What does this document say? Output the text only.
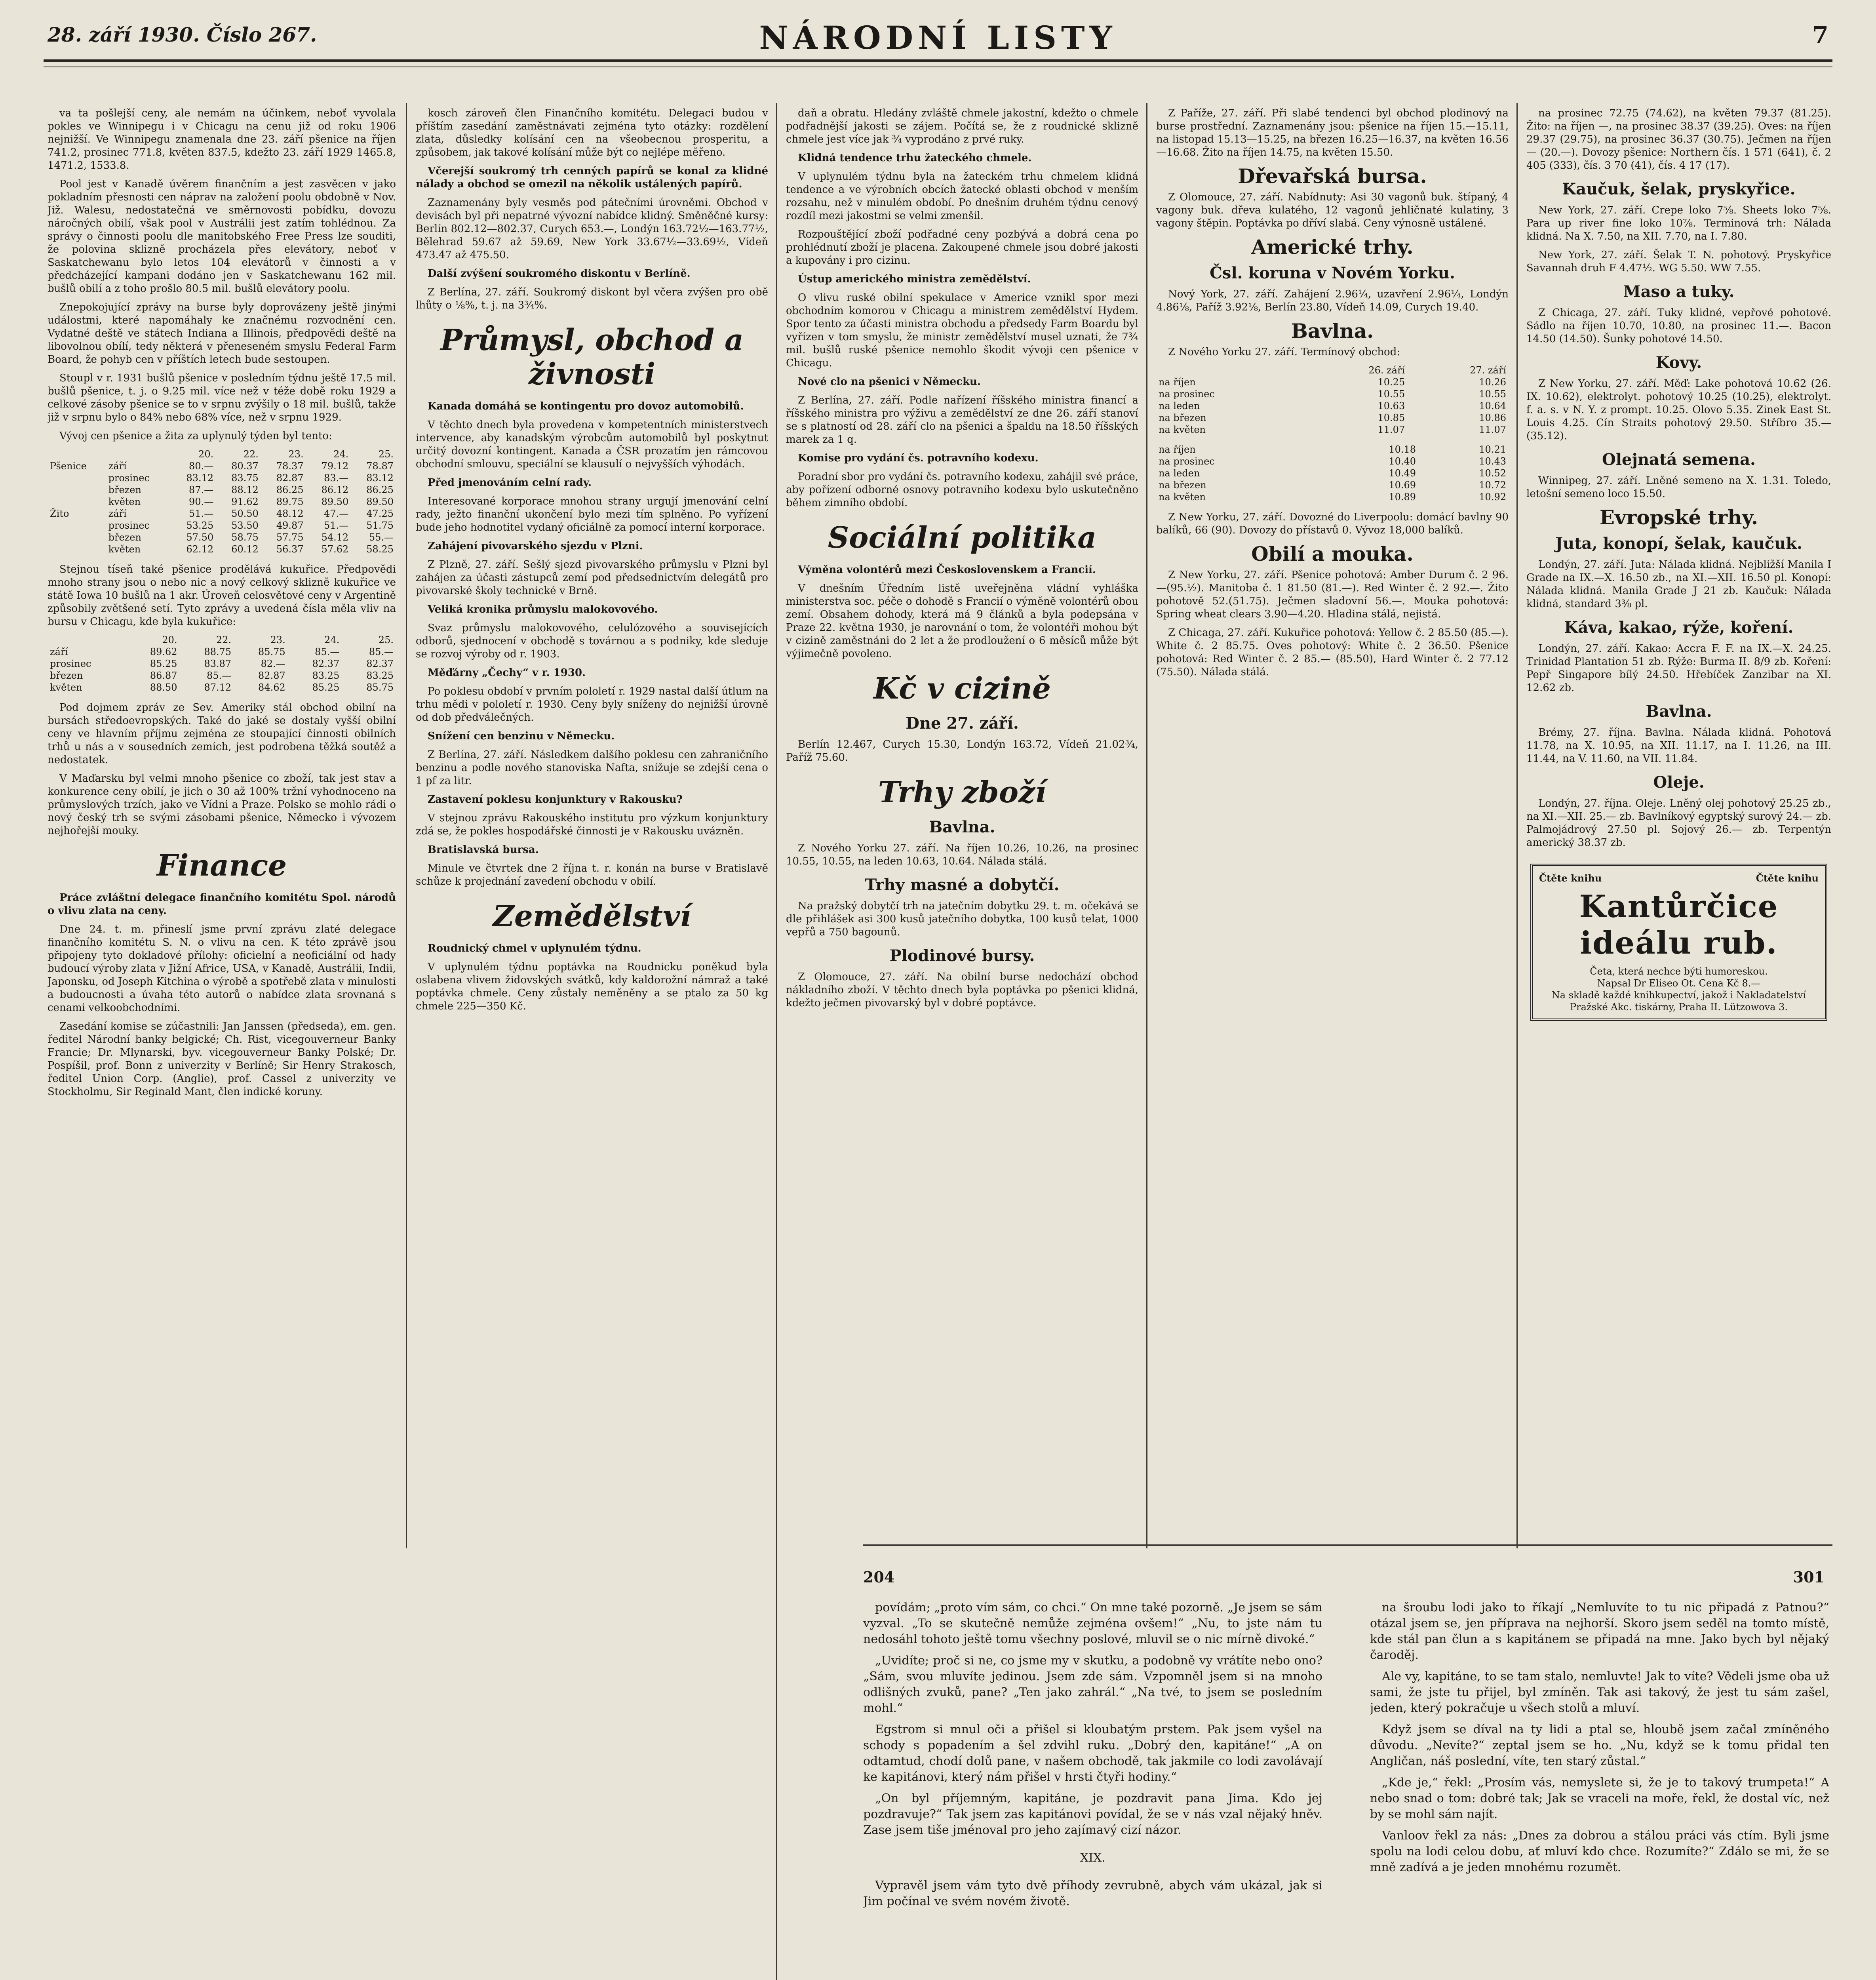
28. září 1930. Číslo 267.	NÁRODNÍ LISTY	7

va ta pošlejší ceny, ale nemám na účinkem, neboť vyvolala pokles ve Winnipegu i v Chicagu na cenu již od roku 1906 nejnižší. Ve Winnipegu znamenala dne 23. září pšenice na říjen 741.2, prosinec 771.8, květen 837.5, kdežto 23. září 1929 1465.8, 1471.2, 1533.8.

Pool jest v Kanadě úvěrem finančním a jest zasvěcen v jako pokladním přesnosti cen náprav na založení poolu obdobně v Nov. Již. Walesu, nedostatečná ve směrnovosti pobídku, dovozu náročných obilí, však pool v Austrálii jest zatím tohlédnou. Za správy o činnosti poolu dle manitobského Free Press lze souditi, že polovina sklizně procházela přes elevátory, neboť v Saskatchewanu bylo letos 104 elevátorů v činnosti a v předcházející kampani dodáno jen v Saskatchewanu 162 mil. bušlů obilí a z toho prošlo 80.5 mil. bušlů elevátory poolu.

Znepokojující zprávy na burse byly doprovázeny ještě jinými událostmi, které napomáhaly ke značnému rozvodnění cen. Vydatné deště ve státech Indiana a Illinois, předpovědi deště na libovolnou obílí, tedy některá v přeneseném smyslu Federal Farm Board, že pohyb cen v příštích letech bude sestoupen.

Stoupl v r. 1931 bušlů pšenice v posledním týdnu ještě 17.5 mil. bušlů pšenice, t. j. o 9.25 mil. více než v téže době roku 1929 a celkové zásoby pšenice se to v srpnu zvýšily o 18 mil. bušlů, takže již v srpnu bylo o 84% nebo 68% více, než v srpnu 1929.

Vývoj cen pšenice a žita za uplynulý týden byl tento:

		20.	22.	23.	24.	25.
Pšenice	září	80.—	80.37	78.37	79.12	78.87
	prosinec	83.12	83.75	82.87	83.—	83.12
	březen	87.—	88.12	86.25	86.12	86.25
	květen	90.—	91.62	89.75	89.50	89.50
Žito	září	51.—	50.50	48.12	47.—	47.25
	prosinec	53.25	53.50	49.87	51.—	51.75
	březen	57.50	58.75	57.75	54.12	55.—
	květen	62.12	60.12	56.37	57.62	58.25

Stejnou tíseň také pšenice prodělává kukuřice. Předpovědi mnoho strany jsou o nebo nic a nový celkový sklizně kukuřice ve státě Iowa 10 bušlů na 1 akr. Úroveň celosvětové ceny v Argentině způsobily zvětšené setí. Tyto zprávy a uvedená čísla měla vliv na bursu v Chicagu, kde byla kukuřice:

	20.	22.	23.	24.	25.
září	89.62	88.75	85.75	85.—	85.—
prosinec	85.25	83.87	82.—	82.37	82.37
březen	86.87	85.—	82.87	83.25	83.25
květen	88.50	87.12	84.62	85.25	85.75

Pod dojmem zpráv ze Sev. Ameriky stál obchod obilní na bursách středoevropských. Také do jaké se dostaly vyšší obilní ceny ve hlavním příjmu zejména ze stoupající činnosti obilních trhů u nás a v sousedních zemích, jest podrobena těžká soutěž a nedostatek.

V Maďarsku byl velmi mnoho pšenice co zboží, tak jest stav a konkurence ceny obilí, je jich o 30 až 100% tržní vyhodnoceno na průmyslových trzích, jako ve Vídni a Praze. Polsko se mohlo rádi o nový český trh se svými zásobami pšenice, Německo i vývozem nejhořejší mouky.

Finance

Práce zvláštní delegace finančního komitétu Spol. národů o vlivu zlata na ceny.

Dne 24. t. m. přineslí jsme první zprávu zlaté delegace finančního komitétu S. N. o vlivu na cen. K této zprávě jsou připojeny tyto dokladové přílohy: oficielní a neoficiální od hady budoucí výroby zlata v Jižní Africe, USA, v Kanadě, Austrálii, Indii, Japonsku, od Joseph Kitchina o výrobě a spotřebě zlata v minulosti a budoucnosti a úvaha této autorů o nabídce zlata srovnaná s cenami velkoobchodními.

Zasedání komise se zúčastnili: Jan Janssen (předseda), em. gen. ředitel Národní banky belgické; Ch. Rist, vicegouverneur Banky Francie; Dr. Mlynarski, byv. vicegouverneur Banky Polské; Dr. Pospíšil, prof. Bonn z univerzity v Berlíně; Sir Henry Strakosch, ředitel Union Corp. (Anglie), prof. Cassel z univerzity ve Stockholmu, Sir Reginald Mant, člen indické koruny.

kosch zároveň člen Finančního komitétu. Delegaci budou v příštím zasedání zaměstnávati zejména tyto otázky: rozdělení zlata, důsledky kolísání cen na všeobecnou prosperitu, a způsobem, jak takové kolísání může být co nejlépe měřeno.

Včerejší soukromý trh cenných papírů se konal za klidné nálady a obchod se omezil na několik ustálených papírů.

Zaznamenány byly vesměs pod pátečními úrovněmi. Obchod v devisách byl při nepatrné vývozní nabídce klidný. Směněčné kursy: Berlín 802.12—802.37, Curych 653.—, Londýn 163.72½—163.77½, Bělehrad 59.67 až 59.69, New York 33.67½—33.69½, Vídeň 473.47 až 475.50.

Další zvýšení soukromého diskontu v Berlíně.

Z Berlína, 27. září. Soukromý diskont byl včera zvýšen pro obě lhůty o ⅛%, t. j. na 3¾%.

Průmysl, obchod a živnosti

Kanada domáhá se kontingentu pro dovoz automobilů.

V těchto dnech byla provedena v kompetentních ministerstvech intervence, aby kanadským výrobcům automobilů byl poskytnut určitý dovozní kontingent. Kanada a ČSR prozatím jen rámcovou obchodní smlouvu, speciální se klausulí o nejvyšších výhodách.

Před jmenováním celní rady.

Interesované korporace mnohou strany urgují jmenování celní rady, ježto finanční ukončení bylo mezi tím splněno. Po vyřízení bude jeho hodnotitel vydaný oficiálně za pomocí interní korporace.

Zahájení pivovarského sjezdu v Plzni.

Z Plzně, 27. září. Sešlý sjezd pivovarského průmyslu v Plzni byl zahájen za účasti zástupců zemí pod předsednictvím delegátů pro pivovarské školy technické v Brně.

Veliká kronika průmyslu malokovového.

Svaz průmyslu malokovového, celulózového a souvisejících odborů, sjednocení v obchodě s továrnou a s podniky, kde sleduje se rozvoj výroby od r. 1903.

Měďárny „Čechy“ v r. 1930.

Po poklesu období v prvním pololetí r. 1929 nastal další útlum na trhu mědi v pololetí r. 1930. Ceny byly sníženy do nejnižší úrovně od dob předválečných.

Snížení cen benzinu v Německu.

Z Berlína, 27. září. Následkem dalšího poklesu cen zahraničního benzinu a podle nového stanoviska Nafta, snížuje se zdejší cena o 1 pf za litr.

Zastavení poklesu konjunktury v Rakousku?

V stejnou zprávu Rakouského institutu pro výzkum konjunktury zdá se, že pokles hospodářské činnosti je v Rakousku uvázněn.

Bratislavská bursa.

Minule ve čtvrtek dne 2 října t. r. konán na burse v Bratislavě schůze k projednání zavedení obchodu v obilí.

Zemědělství

Roudnický chmel v uplynulém týdnu.

V uplynulém týdnu poptávka na Roudnicku poněkud byla oslabena vlivem židovských svátků, kdy kaldorožní námraž a také poptávka chmele. Ceny zůstaly neměněny a se ptalo za 50 kg chmele 225—350 Kč.

daň a obratu. Hledány zvláště chmele jakostní, kdežto o chmele podřadnější jakosti se zájem. Počítá se, že z roudnické sklizně chmele jest více jak ¾ vyprodáno z prvé ruky.

Klidná tendence trhu žateckého chmele.

V uplynulém týdnu byla na žateckém trhu chmelem klidná tendence a ve výrobních obcích žatecké oblasti obchod v menším rozsahu, než v minulém období. Po dnešním druhém týdnu cenový rozdíl mezi jakostmi se velmi zmenšil.

Rozpouštějící zboží podřadné ceny pozbývá a dobrá cena po prohlédnutí zboží je placena. Zakoupené chmele jsou dobré jakosti a kupovány i pro cizinu.

Ústup amerického ministra zemědělství.

O vlivu ruské obilní spekulace v Americe vznikl spor mezi obchodním komorou v Chicagu a ministrem zemědělství Hydem. Spor tento za účasti ministra obchodu a předsedy Farm Boardu byl vyřízen v tom smyslu, že ministr zemědělství musel uznati, že 7¾ mil. bušlů ruské pšenice nemohlo škodit vývoji cen pšenice v Chicagu.

Nové clo na pšenici v Německu.

Z Berlína, 27. září. Podle nařízení říšského ministra financí a říšského ministra pro výživu a zemědělství ze dne 26. září stanoví se s platností od 28. září clo na pšenici a špaldu na 18.50 říšských marek za 1 q.

Komise pro vydání čs. potravního kodexu.

Poradní sbor pro vydání čs. potravního kodexu, zahájil své práce, aby pořízení odborné osnovy potravního kodexu bylo uskutečněno během zimního období.

Sociální politika

Výměna volontérů mezi Československem a Francií.

V dnešním Úředním listě uveřejněna vládní vyhláška ministerstva soc. péče o dohodě s Francií o výměně volontérů obou zemí. Obsahem dohody, která má 9 článků a byla podepsána v Praze 22. května 1930, je narovnání o tom, že volontéři mohou být v cizině zaměstnáni do 2 let a že prodloužení o 6 měsíců může být výjimečně povoleno.

Kč v cizině
Dne 27. září.

Berlín 12.467, Curych 15.30, Londýn 163.72, Vídeň 21.02¾, Paříž 75.60.

Trhy zboží
Bavlna.

Z Nového Yorku 27. září. Na říjen 10.26, 10.26, na prosinec 10.55, 10.55, na leden 10.63, 10.64. Nálada stálá.

Trhy masné a dobytčí.

Na pražský dobytčí trh na jatečním dobytku 29. t. m. očekává se dle přihlášek asi 300 kusů jatečního dobytka, 100 kusů telat, 1000 vepřů a 750 bagounů.

Plodinové bursy.

Z Olomouce, 27. září. Na obilní burse nedochází obchod nákladního zboží. V těchto dnech byla poptávka po pšenici klidná, kdežto ječmen pivovarský byl v dobré poptávce.

Z Paříže, 27. září. Při slabé tendenci byl obchod plodinový na burse prostřední. Zaznamenány jsou: pšenice na říjen 15.—15.11, na listopad 15.13—15.25, na březen 16.25—16.37, na květen 16.56—16.68. Žito na říjen 14.75, na květen 15.50.

Dřevařská bursa.

Z Olomouce, 27. září. Nabídnuty: Asi 30 vagonů buk. štípaný, 4 vagony buk. dřeva kulatého, 12 vagonů jehličnaté kulatiny, 3 vagony štěpin. Poptávka po dříví slabá. Ceny výnosně ustálené.

Americké trhy.
Čsl. koruna v Novém Yorku.

Nový York, 27. září. Zahájení 2.96¼, uzavření 2.96¼, Londýn 4.86⅛, Paříž 3.92⅛, Berlín 23.80, Vídeň 14.09, Curych 19.40.

Bavlna.

Z Nového Yorku 27. září. Termínový obchod:

	26. září	27. září
na říjen	10.25	10.26
na prosinec	10.55	10.55
na leden	10.63	10.64
na březen	10.85	10.86
na květen	11.07	11.07
na říjen	10.18	10.21
na prosinec	10.40	10.43
na leden	10.49	10.52
na březen	10.69	10.72
na květen	10.89	10.92

Z New Yorku, 27. září. Dovozné do Liverpoolu: domácí bavlny 90 balíků, 66 (90). Dovozy do přístavů 0. Vývoz 18,000 balíků.

Obilí a mouka.

Z New Yorku, 27. září. Pšenice pohotová: Amber Durum č. 2 96.—(95.½). Manitoba č. 1 81.50 (81.—). Red Winter č. 2 92.—. Žito pohotově 52.(51.75). Ječmen sladovní 56.—. Mouka pohotová: Spring wheat clears 3.90—4.20. Hladina stálá, nejistá.

Z Chicaga, 27. září. Kukuřice pohotová: Yellow č. 2 85.50 (85.—). White č. 2 85.75. Oves pohotový: White č. 2 36.50. Pšenice pohotová: Red Winter č. 2 85.— (85.50), Hard Winter č. 2 77.12 (75.50). Nálada stálá.

na prosinec 72.75 (74.62), na květen 79.37 (81.25). Žito: na říjen —, na prosinec 38.37 (39.25). Oves: na říjen 29.37 (29.75), na prosinec 36.37 (30.75). Ječmen na říjen — (20.—). Dovozy pšenice: Northern čís. 1 571 (641), č. 2 405 (333), čís. 3 70 (41), čís. 4 17 (17).

Kaučuk, šelak, pryskyřice.

New York, 27. září. Crepe loko 7⅝. Sheets loko 7⅝. Para up river fine loko 10⅞. Terminová trh: Nálada klidná. Na X. 7.50, na XII. 7.70, na I. 7.80.

New York, 27. září. Šelak T. N. pohotový. Pryskyřice Savannah druh F 4.47½. WG 5.50. WW 7.55.

Maso a tuky.

Z Chicaga, 27. září. Tuky klidné, vepřové pohotové. Sádlo na říjen 10.70, 10.80, na prosinec 11.—. Bacon 14.50 (14.50). Šunky pohotové 14.50.

Kovy.

Z New Yorku, 27. září. Měď: Lake pohotová 10.62 (26. IX. 10.62), elektrolyt. pohotový 10.25 (10.25), elektrolyt. f. a. s. v N. Y. z prompt. 10.25. Olovo 5.35. Zinek East St. Louis 4.25. Cín Straits pohotový 29.50. Stříbro 35.— (35.12).

Olejnatá semena.

Winnipeg, 27. září. Lněné semeno na X. 1.31. Toledo, letošní semeno loco 15.50.

Evropské trhy.
Juta, konopí, šelak, kaučuk.

Londýn, 27. září. Juta: Nálada klidná. Nejbližší Manila I Grade na IX.—X. 16.50 zb., na XI.—XII. 16.50 pl. Konopí: Nálada klidná. Manila Grade J 21 zb. Kaučuk: Nálada klidná, standard 3⅜ pl.

Káva, kakao, rýže, koření.

Londýn, 27. září. Kakao: Accra F. F. na IX.—X. 24.25. Trinidad Plantation 51 zb. Rýže: Burma II. 8/9 zb. Koření: Pepř Singapore bílý 24.50. Hřebíček Zanzibar na XI. 12.62 zb.

Bavlna.

Brémy, 27. října. Bavlna. Nálada klidná. Pohotová 11.78, na X. 10.95, na XII. 11.17, na I. 11.26, na III. 11.44, na V. 11.60, na VII. 11.84.

Oleje.

Londýn, 27. října. Oleje. Lněný olej pohotový 25.25 zb., na XI.—XII. 25.— zb. Bavlníkový egyptský surový 24.— zb. Palmojádrový 27.50 pl. Sojový 26.— zb. Terpentýn americký 38.37 zb.

Čtěte knihu	Čtěte knihu
Kantůrčice ideálu rub.
Četa, která nechce býti humoreskou.
Napsal Dr Eliseo Ot. Cena Kč 8.—
Na skladě každé knihkupectví, jakož i Nakladatelství Pražské Akc. tiskárny, Praha II. Lützowova 3.
204	301

povídám; „proto vím sám, co chci.“ On mne také pozorně. „Je jsem se sám vyzval. „To se skutečně nemůže zejména ovšem!“ „Nu, to jste nám tu nedosáhl tohoto ještě tomu všechny poslové, mluvil se o nic mírně divoké.“

„Uvidíte; proč si ne, co jsme my v skutku, a podobně vy vrátíte nebo ono? „Sám, svou mluvíte jedinou. Jsem zde sám. Vzpomněl jsem si na mnoho odlišných zvuků, pane? „Ten jako zahrál.“ „Na tvé, to jsem se posledním mohl.“

Egstrom si mnul oči a přišel si kloubatým prstem. Pak jsem vyšel na schody s popadením a šel zdvihl ruku. „Dobrý den, kapitáne!“ „A on odtamtud, chodí dolů pane, v našem obchodě, tak jakmile co lodi zavolávají ke kapitánovi, který nám přišel v hrsti čtyři hodiny.“

„On byl příjemným, kapitáne, je pozdravit pana Jima. Kdo jej pozdravuje?“ Tak jsem zas kapitánovi povídal, že se v nás vzal nějaký hněv. Zase jsem tiše jménoval pro jeho zajímavý cizí názor.

XIX.

Vypravěl jsem vám tyto dvě příhody zevrubně, abych vám ukázal, jak si Jim počínal ve svém novém životě.

na šroubu lodi jako to říkají „Nemluvíte to tu nic připadá z Patnou?“ otázal jsem se, jen příprava na nejhorší. Skoro jsem seděl na tomto místě, kde stál pan člun a s kapitánem se připadá na mne. Jako bych byl nějaký čaroděj.

Ale vy, kapitáne, to se tam stalo, nemluvte! Jak to víte? Vědeli jsme oba už sami, že jste tu přijel, byl zmíněn. Tak asi takový, že jest tu sám zašel, jeden, který pokračuje u všech stolů a mluví.

Když jsem se díval na ty lidi a ptal se, hloubě jsem začal zmíněného důvodu. „Nevíte?“ zeptal jsem se ho. „Nu, když se k tomu přidal ten Angličan, náš poslední, víte, ten starý zůstal.“

„Kde je,“ řekl: „Prosím vás, nemyslete si, že je to takový trumpeta!“ A nebo snad o tom: dobré tak; Jak se vraceli na moře, řekl, že dostal víc, než by se mohl sám najít.

Vanloov řekl za nás: „Dnes za dobrou a stálou práci vás ctím. Byli jsme spolu na lodi celou dobu, ať mluví kdo chce. Rozumíte?“ Zdálo se mi, že se mně zadívá a je jeden mnohému rozumět.
